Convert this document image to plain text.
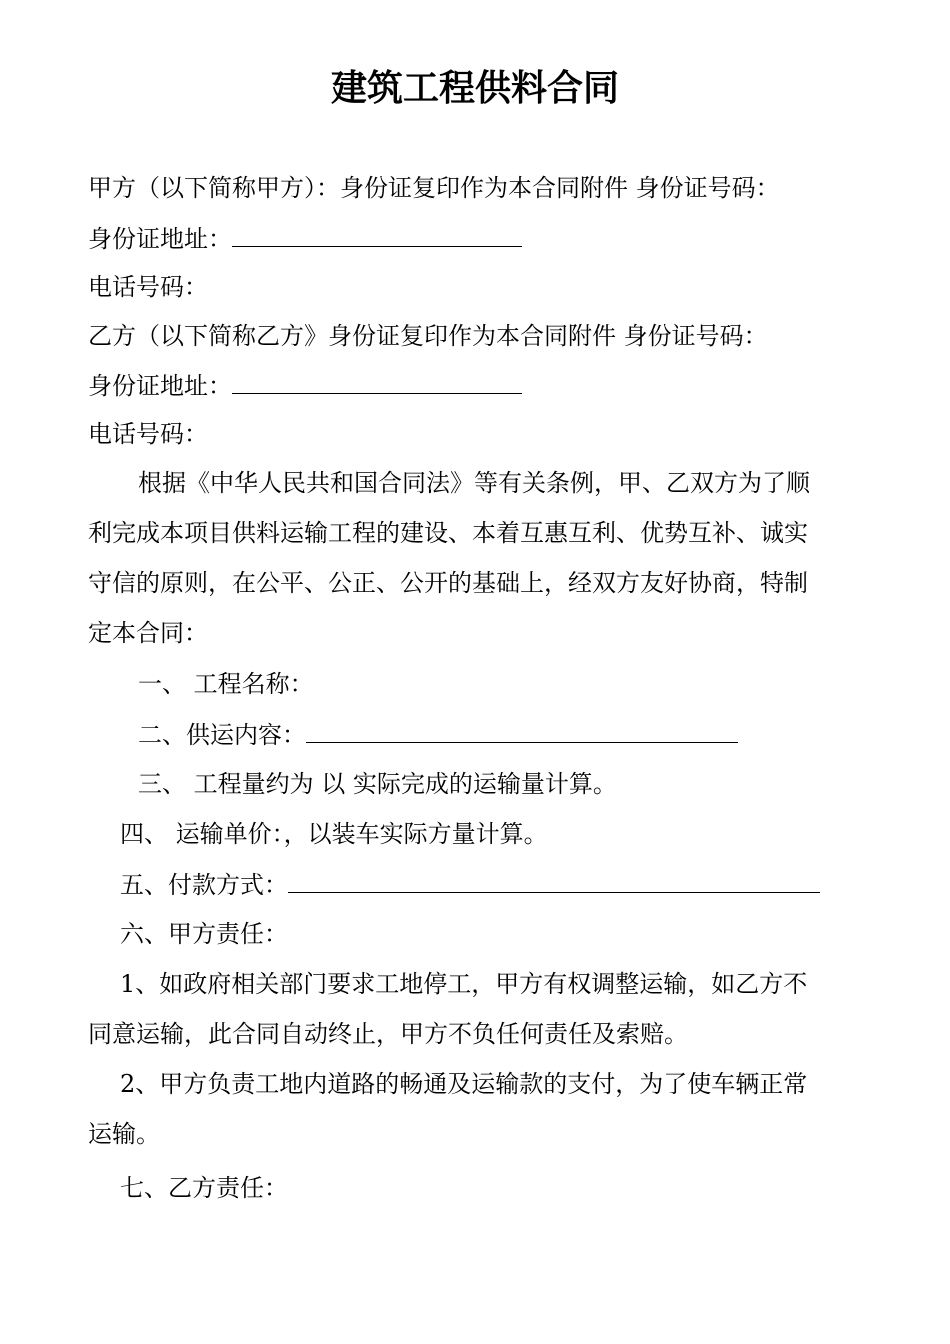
建筑工程供料合同
甲方（以下简称甲方）：身份证复印作为本合同附件 身份证号码：
身份证地址：
电话号码：
乙方（以下简称乙方》身份证复印作为本合同附件 身份证号码：
身份证地址：
电话号码：
根据《中华人民共和国合同法》等有关条例，甲、乙双方为了顺
利完成本项目供料运输工程的建设、本着互惠互利、优势互补、诚实
守信的原则，在公平、公正、公开的基础上，经双方友好协商，特制
定本合同：
一、 工程名称：
二、供运内容：
三、 工程量约为 以 实际完成的运输量计算。
四、 运输单价：，以装车实际方量计算。
五、付款方式：
六、甲方责任：
1、如政府相关部门要求工地停工，甲方有权调整运输，如乙方不
同意运输，此合同自动终止，甲方不负任何责任及索赔。
2、甲方负责工地内道路的畅通及运输款的支付，为了使车辆正常
运输。
七、乙方责任：
